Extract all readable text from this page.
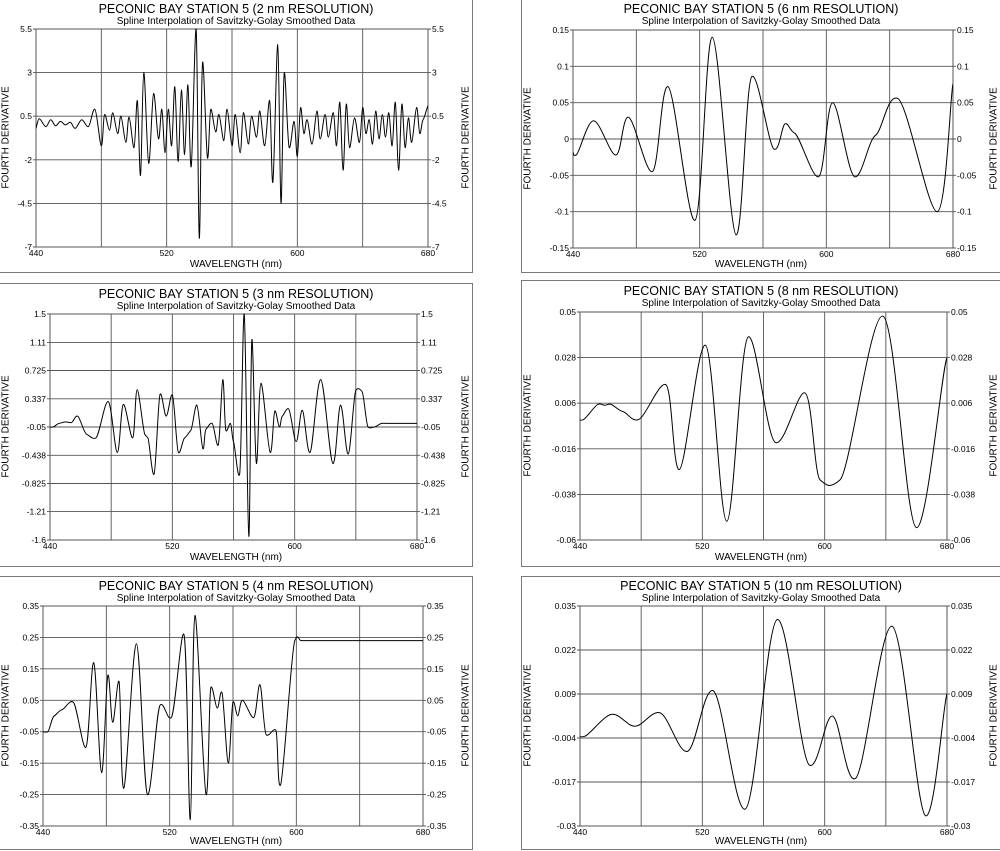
PECONIC BAY STATION 5 (2 nm RESOLUTION)
Spline Interpolation of Savitzky-Golay Smoothed Data
WAVELENGTH (nm)
FOURTH DERIVATIVE	FOURTH DERIVATIVE
5.5	5.5
3	3
0.5	0.5
-2	-2
-4.5	-4.5
-7	-7
440	520	600	680
PECONIC BAY STATION 5 (6 nm RESOLUTION)
Spline Interpolation of Savitzky-Golay Smoothed Data
WAVELENGTH (nm)
FOURTH DERIVATIVE	FOURTH DERIVATIVE
0.15	0.15
0.1	0.1
0.05	0.05
0	0
-0.05	-0.05
-0.1	-0.1
-0.15	-0.15
440	520	600	680
PECONIC BAY STATION 5 (3 nm RESOLUTION)
Spline Interpolation of Savitzky-Golay Smoothed Data
WAVELENGTH (nm)
FOURTH DERIVATIVE	FOURTH DERIVATIVE
1.5	1.5
1.11	1.11
0.725	0.725
0.337	0.337
-0.05	-0.05
-0.438	-0.438
-0.825	-0.825
-1.21	-1.21
-1.6	-1.6
440	520	600	680
PECONIC BAY STATION 5 (8 nm RESOLUTION)
Spline Interpolation of Savitzky-Golay Smoothed Data
WAVELENGTH (nm)
FOURTH DERIVATIVE	FOURTH DERIVATIVE
0.05	0.05
0.028	0.028
0.006	0.006
-0.016	-0.016
-0.038	-0.038
-0.06	-0.06
440	520	600	680
PECONIC BAY STATION 5 (4 nm RESOLUTION)
Spline Interpolation of Savitzky-Golay Smoothed Data
WAVELENGTH (nm)
FOURTH DERIVATIVE	FOURTH DERIVATIVE
0.35	0.35
0.25	0.25
0.15	0.15
0.05	0.05
-0.05	-0.05
-0.15	-0.15
-0.25	-0.25
-0.35	-0.35
440	520	600	680
PECONIC BAY STATION 5 (10 nm RESOLUTION)
Spline Interpolation of Savitzky-Golay Smoothed Data
WAVELENGTH (nm)
FOURTH DERIVATIVE	FOURTH DERIVATIVE
0.035	0.035
0.022	0.022
0.009	0.009
-0.004	-0.004
-0.017	-0.017
-0.03	-0.03
440	520	600	680
